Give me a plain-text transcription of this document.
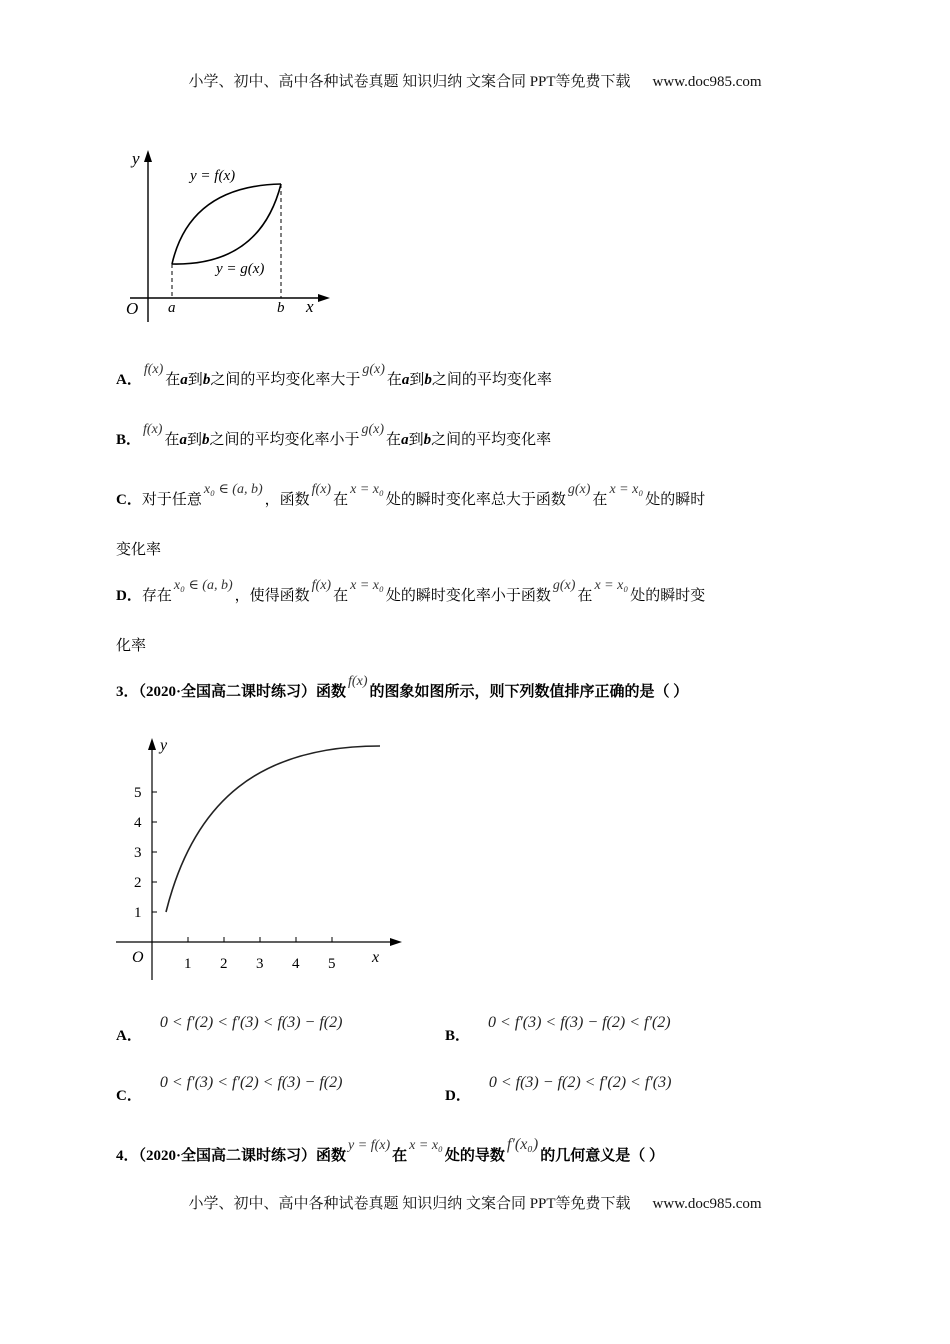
小学、初中、高中各种试卷真题 知识归纳 文案合同 PPT等免费下载 www.doc985.com
y
x
O a	b
y = f(x)
y = g(x)
A．f(x)在a到b之间的平均变化率大于g(x)在a到b之间的平均变化率
B．f(x)在a到b之间的平均变化率小于g(x)在a到b之间的平均变化率
C．对于任意x₀ ∈ (a, b)，函数f(x)在x = x₀处的瞬时变化率总大于函数g(x)在x = x₀处的瞬时
变化率
D．存在x₀ ∈ (a, b)，使得函数f(x)在x = x₀处的瞬时变化率小于函数g(x)在x = x₀处的瞬时变
化率
3．（2020·全国高二课时练习）函数f(x)的图象如图所示，则下列数值排序正确的是（ ）
y
x
O	1 2 3 4 5
1
2
3
4
5
A．0 < f′(2) < f′(3) < f(3) − f(2)
B．0 < f′(3) < f(3) − f(2) < f′(2)
C．0 < f′(3) < f′(2) < f(3) − f(2)
D．0 < f(3) − f(2) < f′(2) < f′(3)
4．（2020·全国高二课时练习）函数y = f(x)在x = x₀处的导数f′(x₀)的几何意义是（ ）
小学、初中、高中各种试卷真题 知识归纳 文案合同 PPT等免费下载 www.doc985.com
